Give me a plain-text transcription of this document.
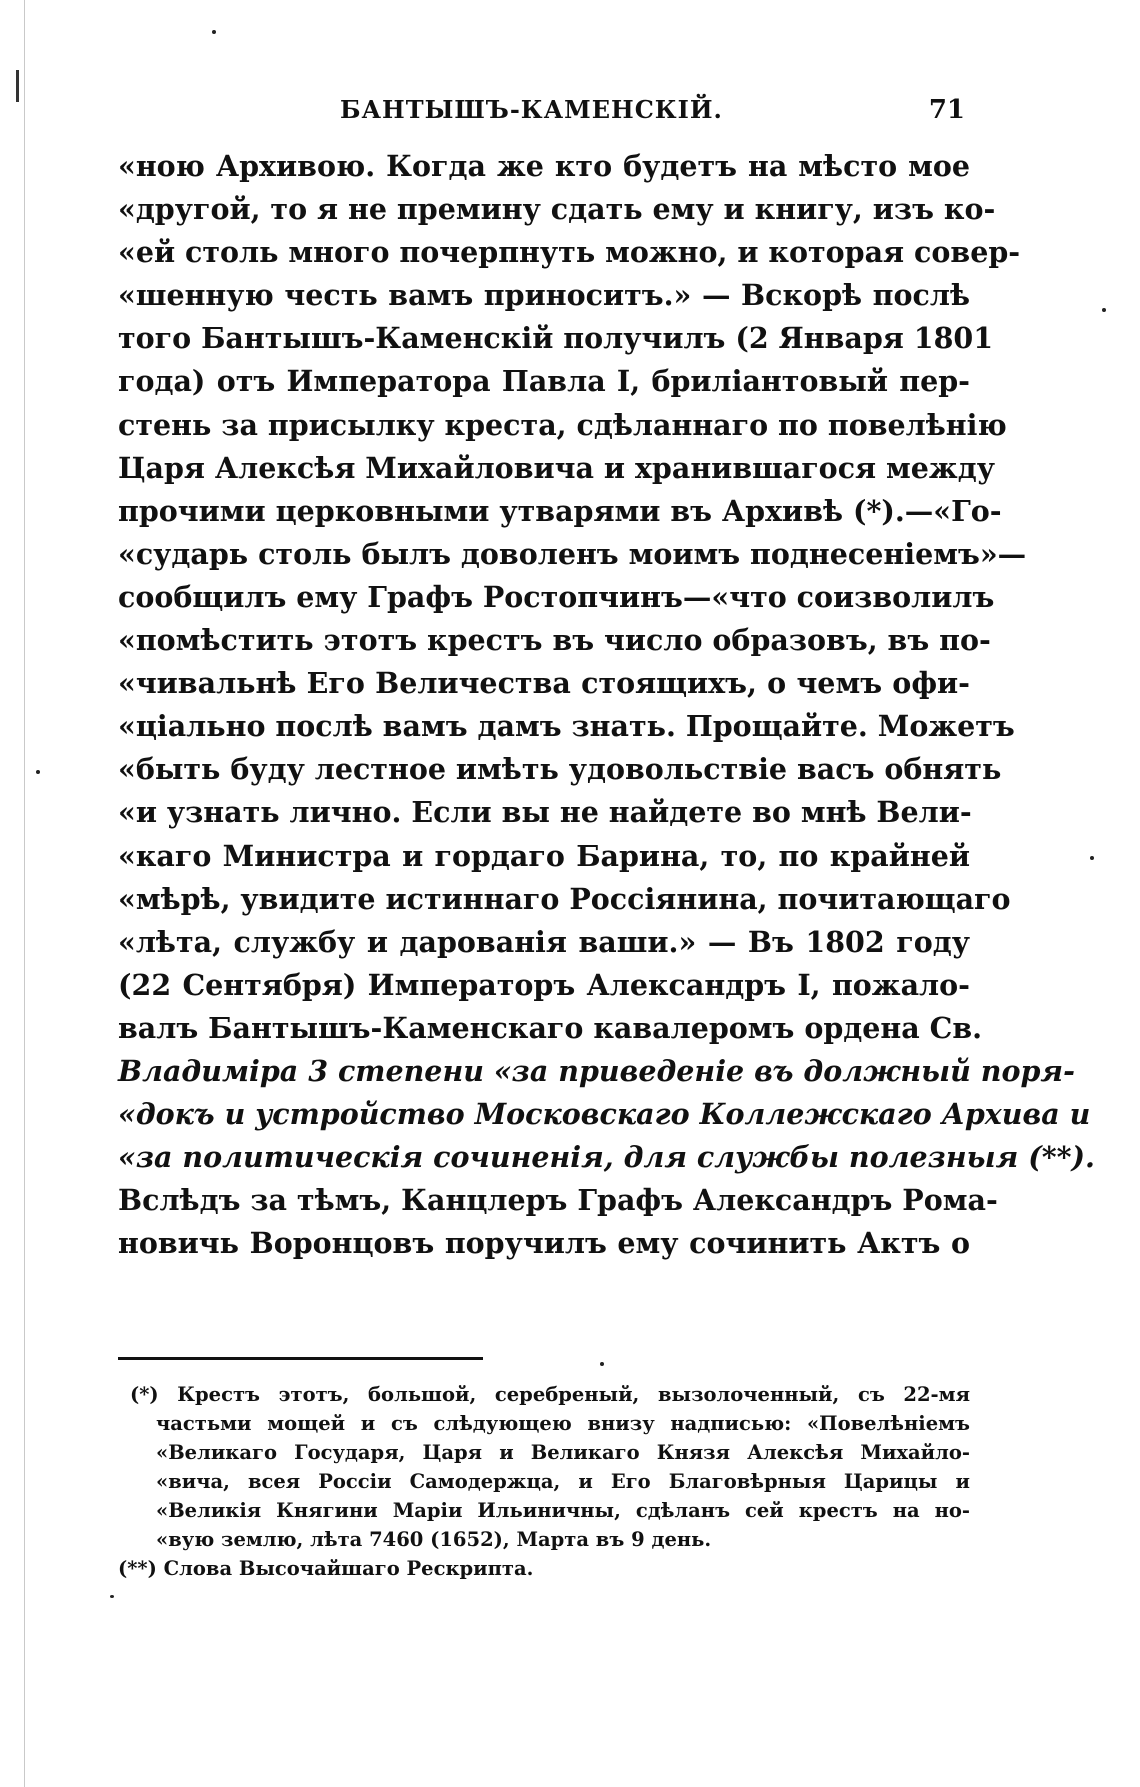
БАНТЫШЪ-КАМЕНСКІЙ.	71
«ною Архивою. Когда же кто будетъ на мѣсто мое
«другой, то я не премину сдать ему и книгу, изъ ко-
«ей столь много почерпнуть можно, и которая совер-
«шенную честь вамъ приноситъ.» — Вскорѣ послѣ
того Бантышъ-Каменскій получилъ (2 Января 1801
года) отъ Императора Павла I, бриліантовый пер-
стень за присылку креста, сдѣланнаго по повелѣнію
Царя Алексѣя Михайловича и хранившагося между
прочими церковными утварями въ Архивѣ (*).—«Го-
«сударь столь былъ доволенъ моимъ поднесеніемъ»—
сообщилъ ему Графъ Ростопчинъ—«что соизволилъ
«помѣстить этотъ крестъ въ число образовъ, въ по-
«чивальнѣ Его Величества стоящихъ, о чемъ офи-
«ціально послѣ вамъ дамъ знать. Прощайте. Можетъ
«быть буду лестное имѣть удовольствіе васъ обнять
«и узнать лично. Если вы не найдете во мнѣ Вели-
«каго Министра и гордаго Барина, то, по крайней
«мѣрѣ, увидите истиннаго Россіянина, почитающаго
«лѣта, службу и дарованія ваши.» — Въ 1802 году
(22 Сентября) Императоръ Александръ I, пожало-
валъ Бантышъ-Каменскаго кавалеромъ ордена Св.
Владиміра 3 степени «за приведеніе въ должный поря-
«докъ и устройство Московскаго Коллежскаго Архива и
«за политическія сочиненія, для службы полезныя (**).
Вслѣдъ за тѣмъ, Канцлеръ Графъ Александръ Рома-
новичь Воронцовъ поручилъ ему сочинить Актъ о
(*) Крестъ этотъ, большой, серебреный, вызолоченный, съ 22-мя
частьми мощей и съ слѣдующею внизу надписью: «Повелѣніемъ
«Великаго Государя, Царя и Великаго Князя Алексѣя Михайло-
«вича, всея Россіи Самодержца, и Его Благовѣрныя Царицы и
«Великія Княгини Маріи Ильиничны, сдѣланъ сей крестъ на но-
«вую землю, лѣта 7460 (1652), Марта въ 9 день.
(**) Слова Высочайшаго Рескрипта.
